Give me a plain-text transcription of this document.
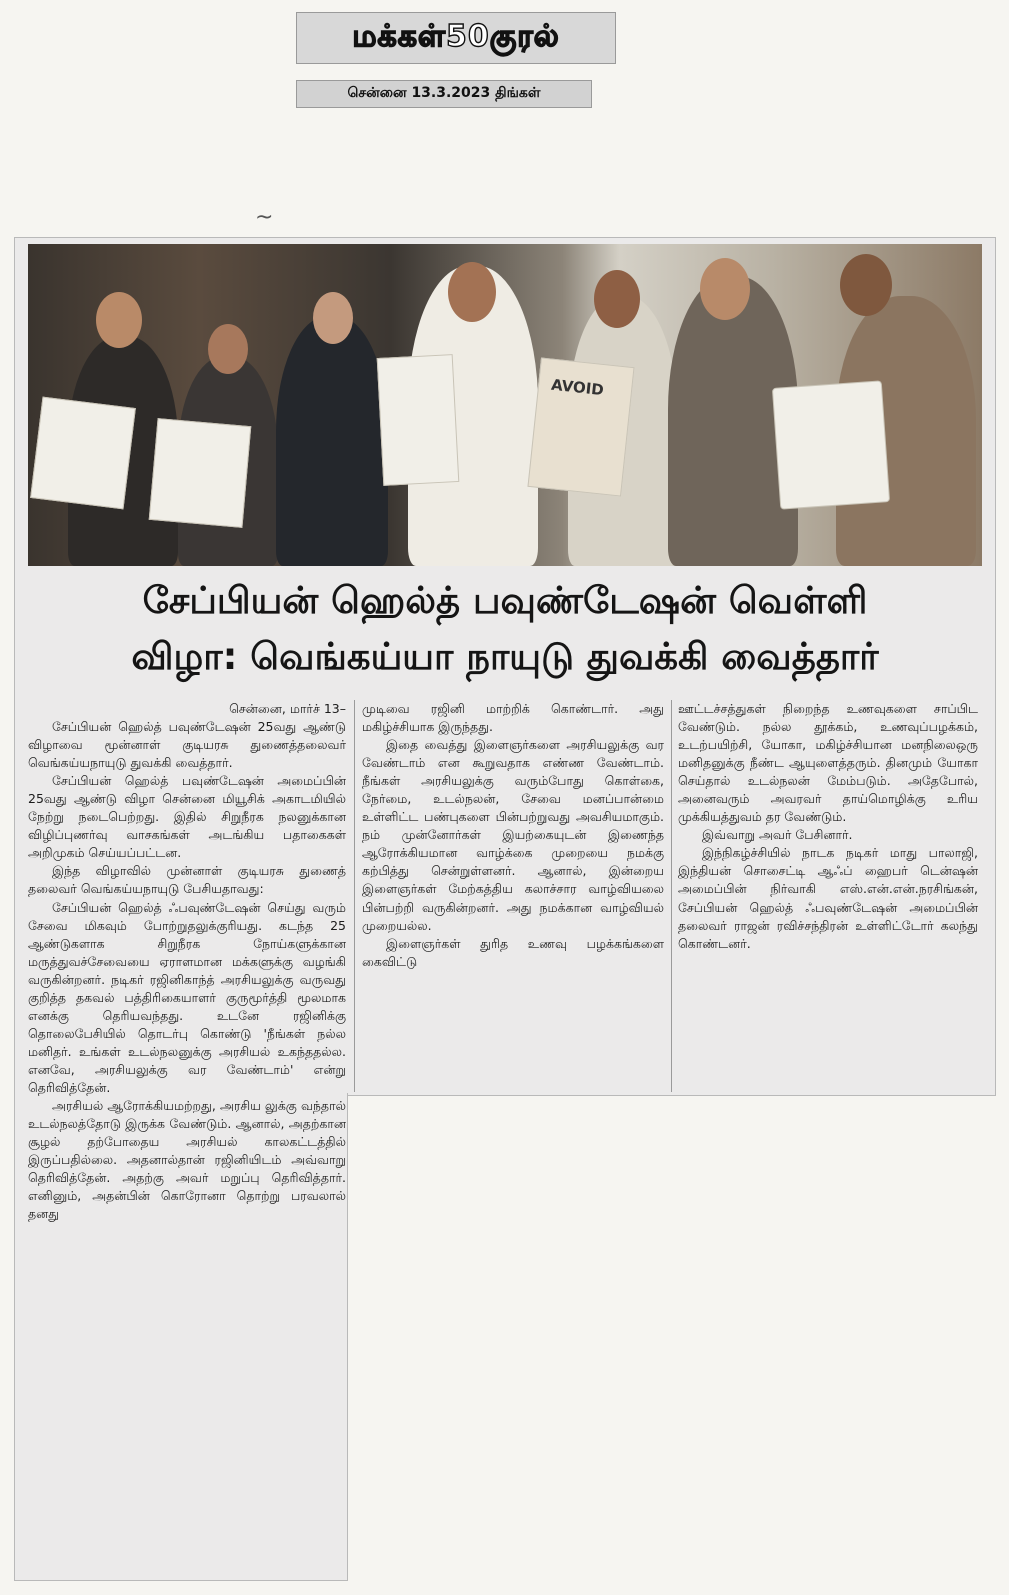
மக்கள்50குரல்
சென்னை 13.3.2023 திங்கள்
~
AVOID
சேப்பியன் ஹெல்த் பவுண்டேஷன் வெள்ளி
விழா: வெங்கய்யா நாயுடு துவக்கி வைத்தார்
சென்னை, மார்ச் 13–

சேப்பியன் ஹெல்த் பவுண்டேஷன் 25வது ஆண்டு விழாவை மூன்னாள் குடியரசு துணைத்தலைவர் வெங்கய்யநாயுடு துவக்கி வைத்தார்.

சேப்பியன் ஹெல்த் பவுண்டேஷன் அமைப்பின் 25வது ஆண்டு விழா சென்னை மியூசிக் அகாடமியில் நேற்று நடைபெற்றது. இதில் சிறுநீரக நலனுக்கான விழிப்புணர்வு வாசகங்கள் அடங்கிய பதாகைகள் அறிமுகம் செய்யப்பட்டன.

இந்த விழாவில் முன்னாள் குடியரசு துணைத் தலைவர் வெங்கய்யநாயுடு பேசியதாவது:

சேப்பியன் ஹெல்த் ஃபவுண்டேஷன் செய்து வரும் சேவை மிகவும் போற்றுதலுக்குரியது. கடந்த 25 ஆண்டுகளாக சிறுநீரக நோய்களுக்கான மருத்துவச்சேவையை ஏராளமான மக்களுக்கு வழங்கி வருகின்றனர். நடிகர் ரஜினிகாந்த் அரசியலுக்கு வருவது குறித்த தகவல் பத்திரிகையாளர் குருமூர்த்தி மூலமாக எனக்கு தெரியவந்தது. உடனே ரஜினிக்கு தொலைபேசியில் தொடர்பு கொண்டு 'நீங்கள் நல்ல மனிதர். உங்கள் உடல்நலனுக்கு அரசியல் உகந்ததல்ல. எனவே, அரசியலுக்கு வர வேண்டாம்' என்று தெரிவித்தேன்.

அரசியல் ஆரோக்கியமற்றது, அரசிய லுக்கு வந்தால் உடல்நலத்தோடு இருக்க வேண்டும். ஆனால், அதற்கான சூழல் தற்போதைய அரசியல் காலகட்டத்தில் இருப்பதில்லை. அதனால்தான் ரஜினியிடம் அவ்வாறு தெரிவித்தேன். அதற்கு அவர் மறுப்பு தெரிவித்தார். எனினும், அதன்பின் கொரோனா தொற்று பரவலால் தனது

முடிவை ரஜினி மாற்றிக் கொண்டார். அது மகிழ்ச்சியாக இருந்தது.

இதை வைத்து இளைஞர்களை அரசியலுக்கு வர வேண்டாம் என கூறுவதாக எண்ண வேண்டாம். நீங்கள் அரசியலுக்கு வரும்போது கொள்கை, நேர்மை, உடல்நலன், சேவை மனப்பான்மை உள்ளிட்ட பண்புகளை பின்பற்றுவது அவசியமாகும். நம் முன்னோர்கள் இயற்கையுடன் இணைந்த ஆரோக்கியமான வாழ்க்கை முறையை நமக்கு கற்பித்து சென்றுள்ளனர். ஆனால், இன்றைய இளைஞர்கள் மேற்கத்திய கலாச்சார வாழ்வியலை பின்பற்றி வருகின்றனர். அது நமக்கான வாழ்வியல் முறையல்ல.

இளைஞர்கள் துரித உணவு பழக்கங்களை கைவிட்டு

ஊட்டச்சத்துகள் நிறைந்த உணவுகளை சாப்பிட வேண்டும். நல்ல தூக்கம், உணவுப்பழக்கம், உடற்பயிற்சி, யோகா, மகிழ்ச்சியான மனநிலைஒரு மனிதனுக்கு நீண்ட ஆயுளைத்தரும். தினமும் யோகா செய்தால் உடல்நலன் மேம்படும். அதேபோல், அனைவரும் அவரவர் தாய்மொழிக்கு உரிய முக்கியத்துவம் தர வேண்டும்.

இவ்வாறு அவர் பேசினார்.

இந்நிகழ்ச்சியில் நாடக நடிகர் மாது பாலாஜி, இந்தியன் சொசைட்டி ஆஃப் ஹைபர் டென்ஷன் அமைப்பின் நிர்வாகி எஸ்.என்.என்.நரசிங்கன், சேப்பியன் ஹெல்த் ஃபவுண்டேஷன் அமைப்பின் தலைவர் ராஜன் ரவிச்சந்திரன் உள்ளிட்டோர் கலந்து கொண்டனர்.
